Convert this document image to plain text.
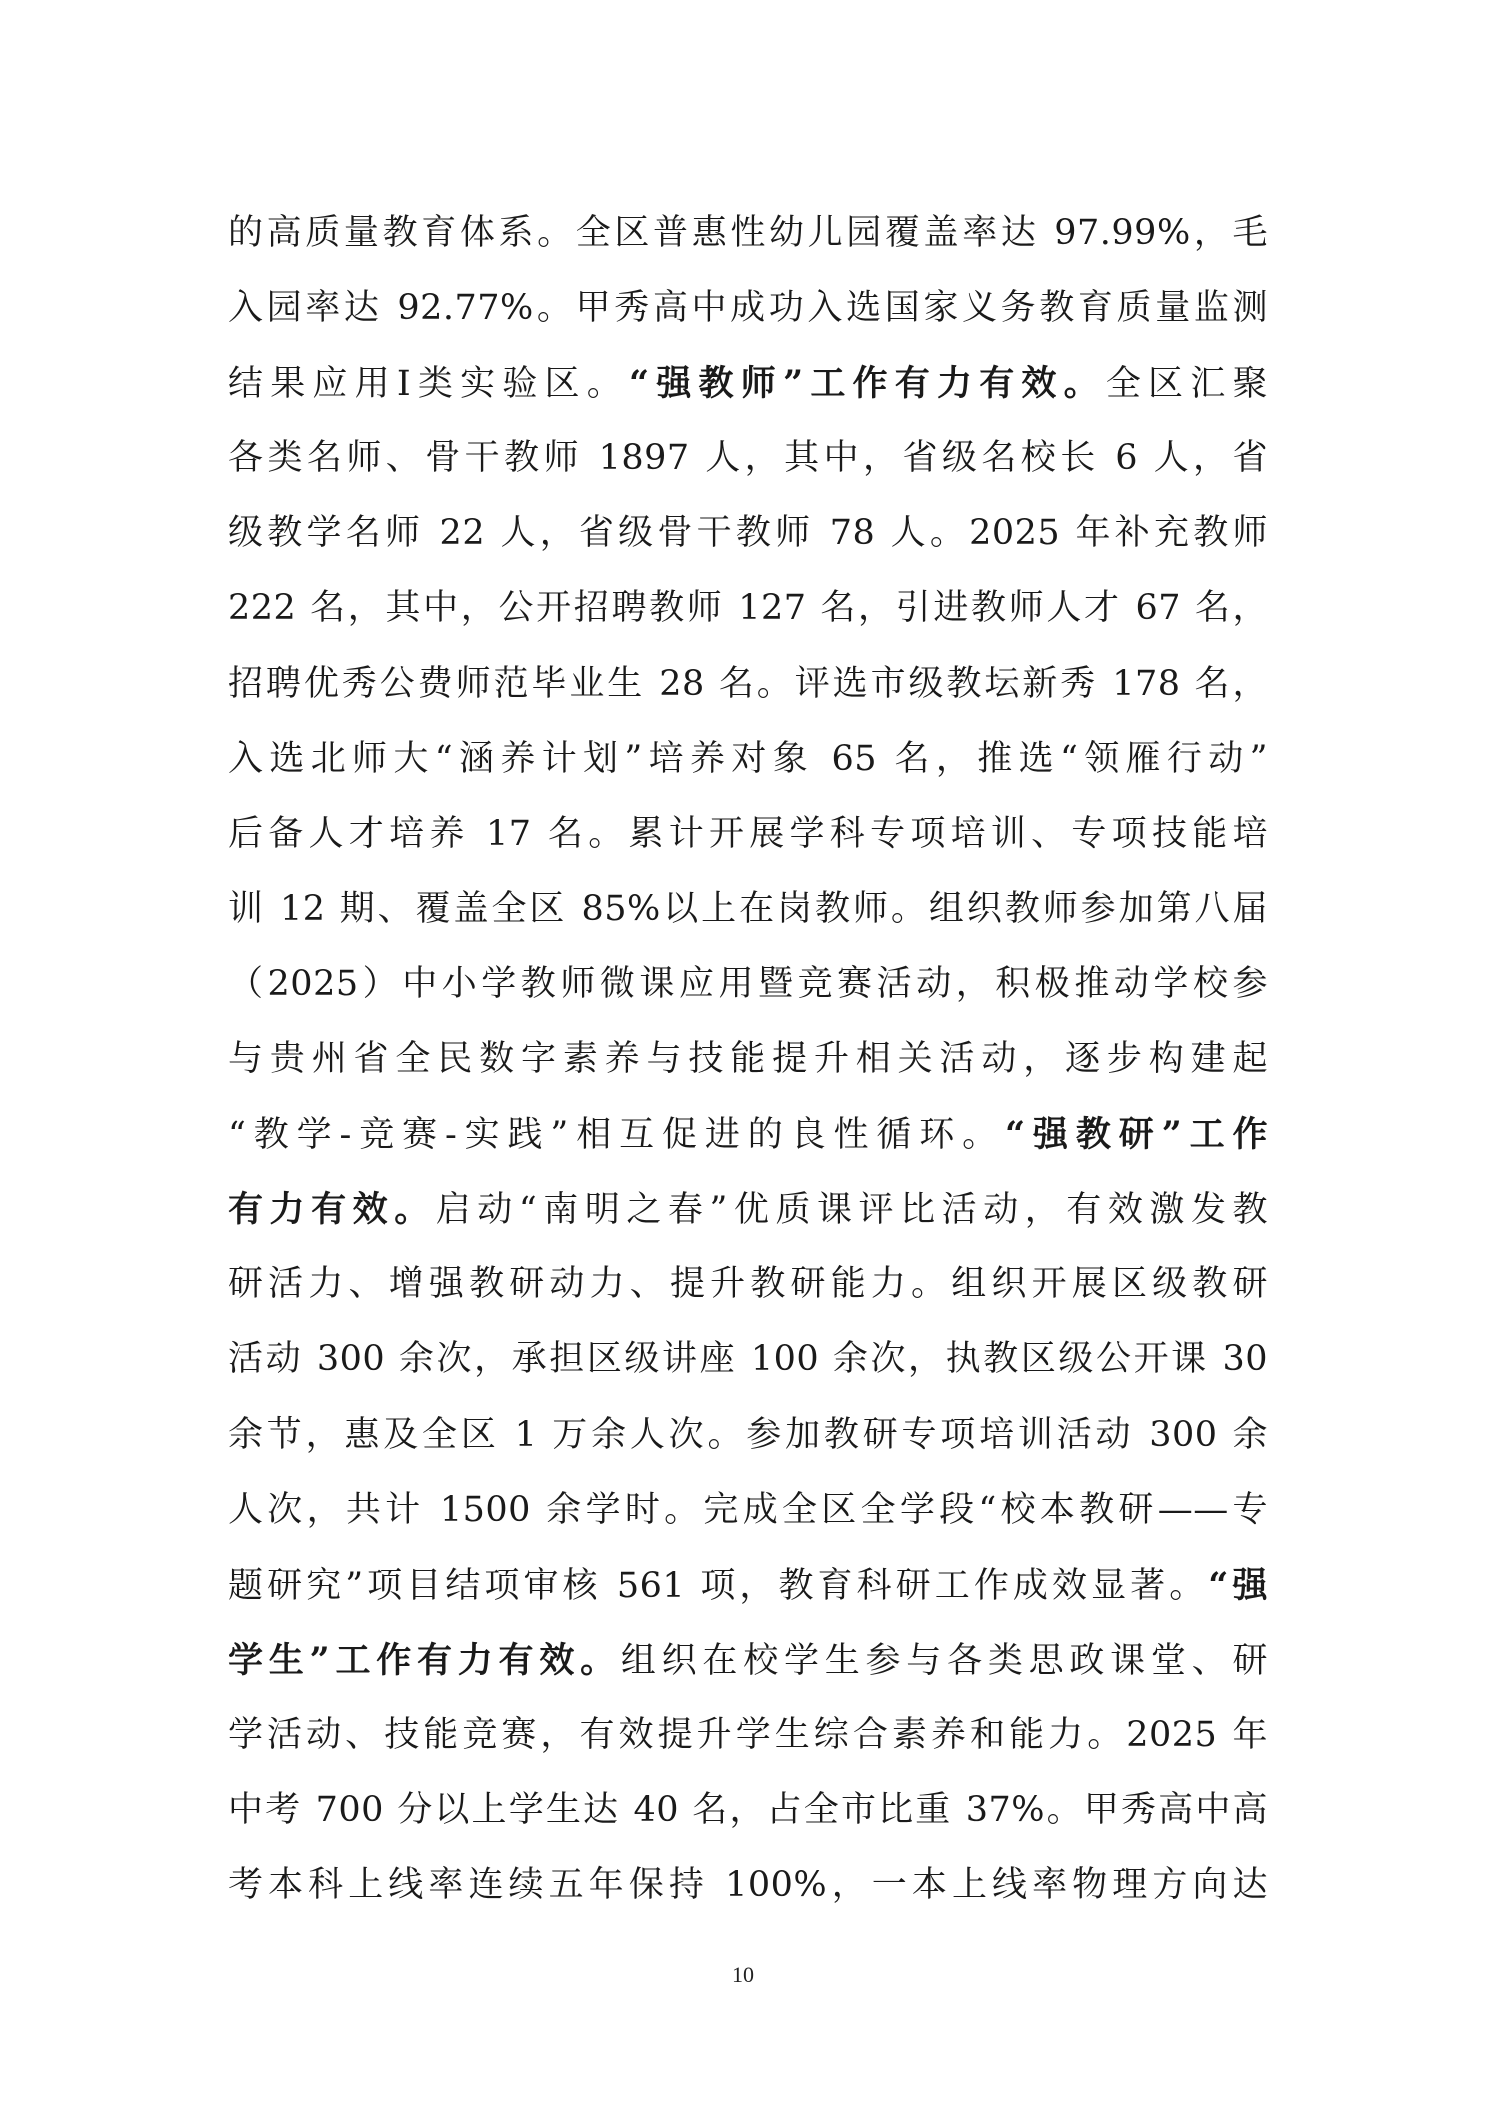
的高质量教育体系。全区普惠性幼儿园覆盖率达 97.99%，毛
入园率达 92.77%。甲秀高中成功入选国家义务教育质量监测
结果应用Ⅰ类实验区。“强教师”工作有力有效。全区汇聚
各类名师、骨干教师 1897 人，其中，省级名校长 6 人，省
级教学名师 22 人，省级骨干教师 78 人。2025 年补充教师
222 名，其中，公开招聘教师 127 名，引进教师人才 67 名，
招聘优秀公费师范毕业生 28 名。评选市级教坛新秀 178 名，
入选北师大“涵养计划”培养对象 65 名，推选“领雁行动”
后备人才培养 17 名。累计开展学科专项培训、专项技能培
训 12 期、覆盖全区 85%以上在岗教师。组织教师参加第八届
（2025）中小学教师微课应用暨竞赛活动，积极推动学校参
与贵州省全民数字素养与技能提升相关活动，逐步构建起
“教学-竞赛-实践”相互促进的良性循环。“强教研”工作
有力有效。启动“南明之春”优质课评比活动，有效激发教
研活力、增强教研动力、提升教研能力。组织开展区级教研
活动 300 余次，承担区级讲座 100 余次，执教区级公开课 30
余节，惠及全区 1 万余人次。参加教研专项培训活动 300 余
人次，共计 1500 余学时。完成全区全学段“校本教研——专
题研究”项目结项审核 561 项，教育科研工作成效显著。“强
学生”工作有力有效。组织在校学生参与各类思政课堂、研
学活动、技能竞赛，有效提升学生综合素养和能力。2025 年
中考 700 分以上学生达 40 名，占全市比重 37%。甲秀高中高
考本科上线率连续五年保持 100%，一本上线率物理方向达
10
